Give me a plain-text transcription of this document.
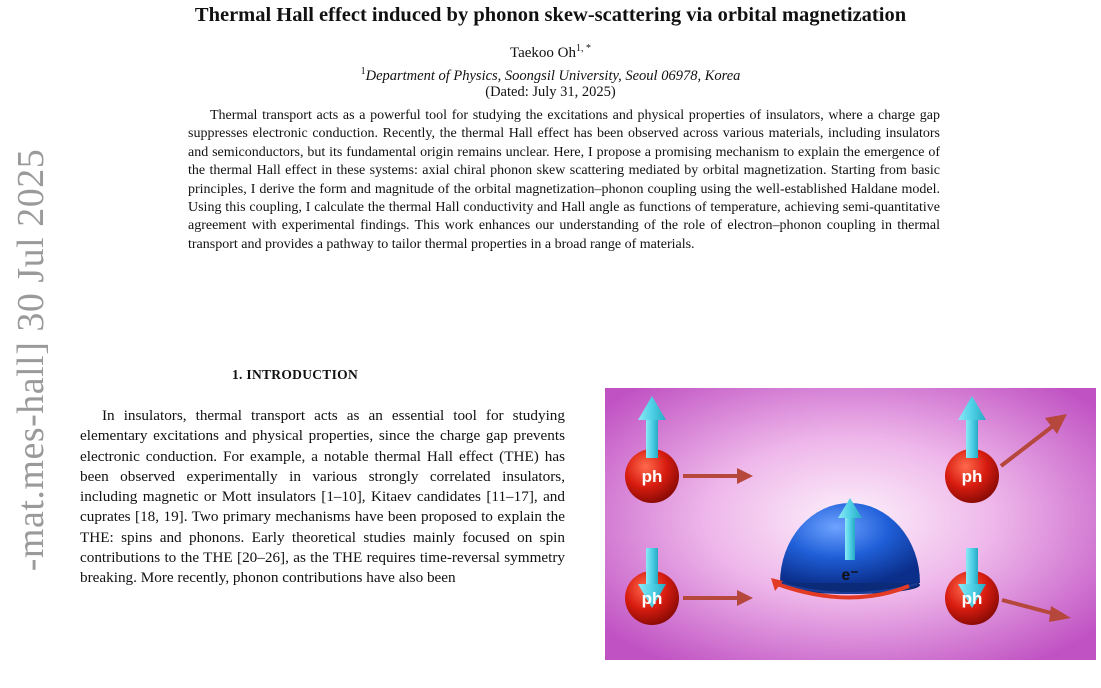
-mat.mes-hall] 30 Jul 2025
Thermal Hall effect induced by phonon skew-scattering via orbital magnetization
Taekoo $Oh^{1, *}$
$^1$Department of Physics, Soongsil University, Seoul 06978, Korea
(Dated: July 31, 2025)

Thermal transport acts as a powerful tool for studying the excitations and physical properties of insulators, where a charge gap suppresses electronic conduction. Recently, the thermal Hall effect has been observed across various materials, including insulators and semiconductors, but its fundamental origin remains unclear. Here, I propose a promising mechanism to explain the emergence of the thermal Hall effect in these systems: axial chiral phonon skew scattering mediated by orbital magnetization. Starting from basic principles, I derive the form and magnitude of the orbital magnetization–phonon coupling using the well-established Haldane model. Using this coupling, I calculate the thermal Hall conductivity and Hall angle as functions of temperature, achieving semi-quantitative agreement with experimental findings. This work enhances our understanding of the role of electron–phonon coupling in thermal transport and provides a pathway to tailor thermal properties in a broad range of materials.

1. INTRODUCTION

In insulators, thermal transport acts as an essential tool for studying elementary excitations and physical properties, since the charge gap prevents electronic conduction. For example, a notable thermal Hall effect (THE) has been observed experimentally in various strongly correlated insulators, including magnetic or Mott insulators [1–10], Kitaev candidates [11–17], and cuprates [18, 19]. Two primary mechanisms have been proposed to explain the THE: spins and phonons. Early theoretical studies mainly focused on spin contributions to the THE [20–26], as the THE requires time-reversal symmetry breaking. More recently, phonon contributions have also been	e⁻
ph
ph
ph
ph
